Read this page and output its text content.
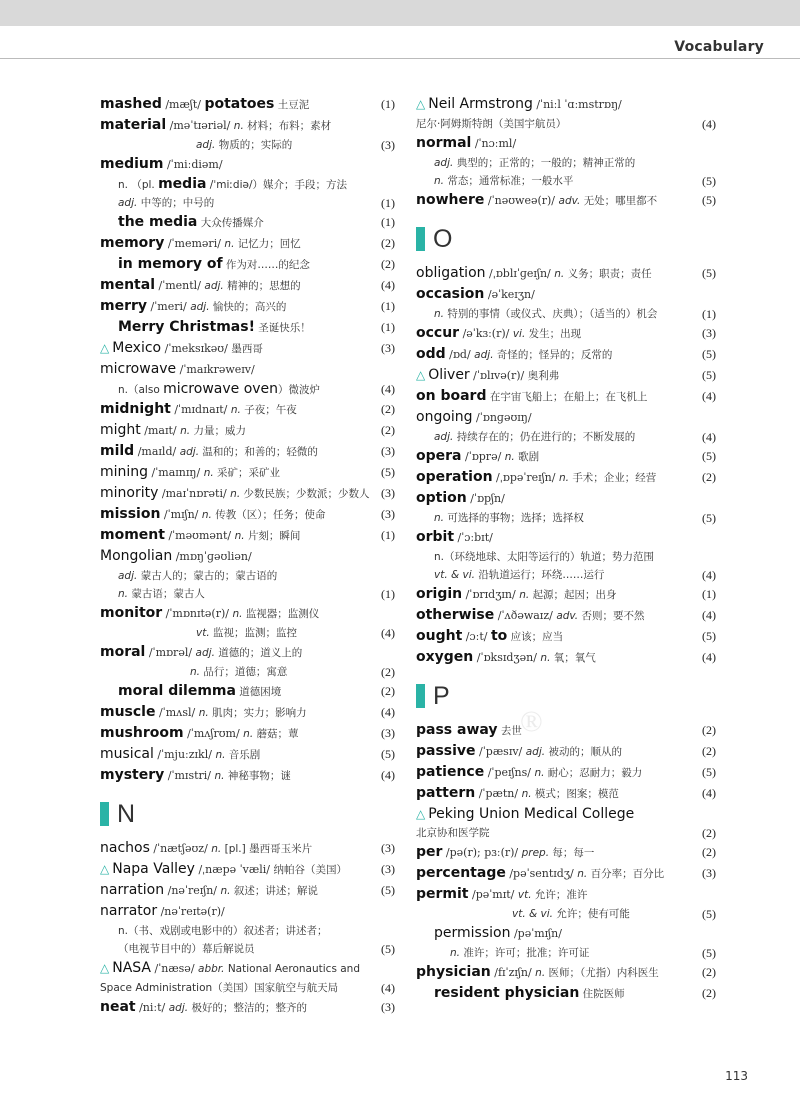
Vocabulary
®
mashed /mæʃt/ potatoes 土豆泥	(1)
material /məˈtɪəriəl/ n. 材料；布料；素材
adj. 物质的；实际的	(3)
medium /ˈmiːdiəm/
n. （pl. media /ˈmiːdiə/）媒介；手段；方法
adj. 中等的；中号的	(1)
the media 大众传播媒介	(1)
memory /ˈmeməri/ n. 记忆力；回忆	(2)
in memory of 作为对……的纪念	(2)
mental /ˈmentl/ adj. 精神的；思想的	(4)
merry /ˈmeri/ adj. 愉快的；高兴的	(1)
Merry Christmas! 圣诞快乐！	(1)
△ Mexico /ˈmeksɪkəʊ/ 墨西哥	(3)
microwave /ˈmaɪkrəweɪv/
n.（also microwave oven）微波炉	(4)
midnight /ˈmɪdnaɪt/ n. 子夜；午夜	(2)
might /maɪt/ n. 力量；威力	(2)
mild /maɪld/ adj. 温和的；和善的；轻微的	(3)
mining /ˈmaɪnɪŋ/ n. 采矿；采矿业	(5)
minority /maɪˈnɒrəti/ n. 少数民族；少数派；少数人 (3)
mission /ˈmɪʃn/ n. 传教（区）；任务；使命	(3)
moment /ˈməʊmənt/ n. 片刻；瞬间	(1)
Mongolian /mɒŋˈɡəʊliən/
adj. 蒙古人的；蒙古的；蒙古语的
n. 蒙古语；蒙古人	(1)
monitor /ˈmɒnɪtə(r)/ n. 监视器；监测仪
vt. 监视；监测；监控	(4)
moral /ˈmɒrəl/ adj. 道德的；道义上的
n. 品行；道德；寓意	(2)
moral dilemma 道德困境	(2)
muscle /ˈmʌsl/ n. 肌肉；实力；影响力	(4)
mushroom /ˈmʌʃrʊm/ n. 蘑菇；蕈	(3)
musical /ˈmjuːzɪkl/ n. 音乐剧	(5)
mystery /ˈmɪstri/ n. 神秘事物；谜	(4)
N
nachos /ˈnætʃəʊz/ n. [pl.] 墨西哥玉米片	(3)
△ Napa Valley /ˌnæpə ˈvæli/ 纳帕谷（美国）	(3)
narration /nəˈreɪʃn/ n. 叙述；讲述；解说	(5)
narrator /nəˈreɪtə(r)/
n.（书、戏剧或电影中的）叙述者；讲述者；
（电视节目中的）幕后解说员	(5)
△ NASA /ˈnæsə/ abbr. National Aeronautics and
Space Administration（美国）国家航空与航天局	(4)
neat /niːt/ adj. 极好的；整洁的；整齐的	(3)
△ Neil Armstrong /ˈniːl ˈɑːmstrɒŋ/
尼尔·阿姆斯特朗（美国宇航员）	(4)
normal /ˈnɔːml/
adj. 典型的；正常的；一般的；精神正常的
n. 常态；通常标准；一般水平	(5)
nowhere /ˈnəʊweə(r)/ adv. 无处；哪里都不	(5)
O
obligation /ˌɒblɪˈɡeɪʃn/ n. 义务；职责；责任	(5)
occasion /əˈkeɪʒn/
n. 特别的事情（或仪式、庆典）；（适当的）机会	(1)
occur /əˈkɜː(r)/ vi. 发生；出现	(3)
odd /ɒd/ adj. 奇怪的；怪异的；反常的	(5)
△ Oliver /ˈɒlɪvə(r)/ 奥利弗	(5)
on board 在宇宙飞船上；在船上；在飞机上	(4)
ongoing /ˈɒnɡəʊɪŋ/
adj. 持续存在的；仍在进行的；不断发展的	(4)
opera /ˈɒprə/ n. 歌剧	(5)
operation /ˌɒpəˈreɪʃn/ n. 手术；企业；经营	(2)
option /ˈɒpʃn/
n. 可选择的事物；选择；选择权	(5)
orbit /ˈɔːbɪt/
n.（环绕地球、太阳等运行的）轨道；势力范围
vt. & vi. 沿轨道运行；环绕……运行	(4)
origin /ˈɒrɪdʒɪn/ n. 起源；起因；出身	(1)
otherwise /ˈʌðəwaɪz/ adv. 否则；要不然	(4)
ought /ɔːt/ to 应该；应当	(5)
oxygen /ˈɒksɪdʒən/ n. 氧；氧气	(4)
P
pass away 去世	(2)
passive /ˈpæsɪv/ adj. 被动的；顺从的	(2)
patience /ˈpeɪʃns/ n. 耐心；忍耐力；毅力	(5)
pattern /ˈpætn/ n. 模式；图案；模范	(4)
△ Peking Union Medical College
北京协和医学院	(2)
per /pə(r); pɜː(r)/ prep. 每；每一	(2)
percentage /pəˈsentɪdʒ/ n. 百分率；百分比	(3)
permit /pəˈmɪt/ vt. 允许；准许
vt. & vi. 允许；使有可能	(5)
permission /pəˈmɪʃn/
n. 准许；许可；批准；许可证	(5)
physician /fɪˈzɪʃn/ n. 医师；（尤指）内科医生	(2)
resident physician 住院医师	(2)
113
